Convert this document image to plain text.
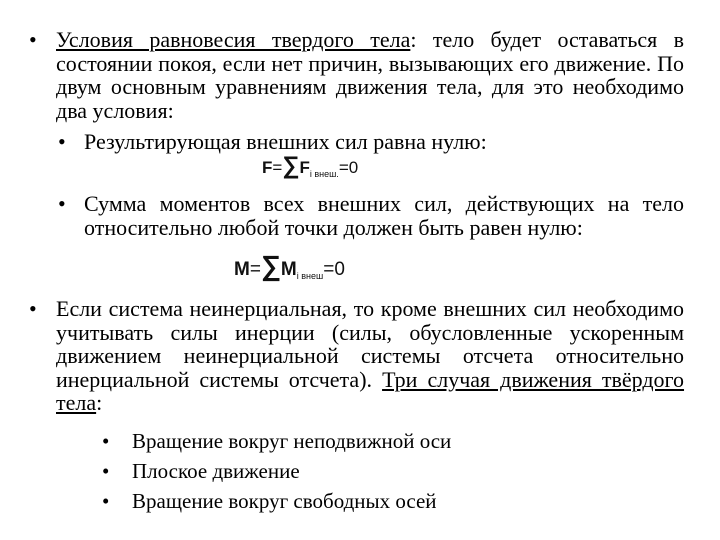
• Условия равновесия твердого тела: тело будет оставаться в состоянии покоя, если нет причин, вызывающих его движение. По двум основным уравнениям движения тела, для это необходимо два условия:
• Результирующая внешних сил равна нулю:
$F=\sum F_{i внеш.}=0$
• Сумма моментов всех внешних сил, действующих на тело относительно любой точки должен быть равен нулю:
$M=\sum M_{i внеш}=0$
• Если система неинерциальная, то кроме внешних сил необходимо учитывать силы инерции (силы, обусловленные ускоренным движением неинерциальной системы отсчета относительно инерциальной системы отсчета). Три случая движения твёрдого тела:
• Вращение вокруг неподвижной оси
• Плоское движение
• Вращение вокруг свободных осей
